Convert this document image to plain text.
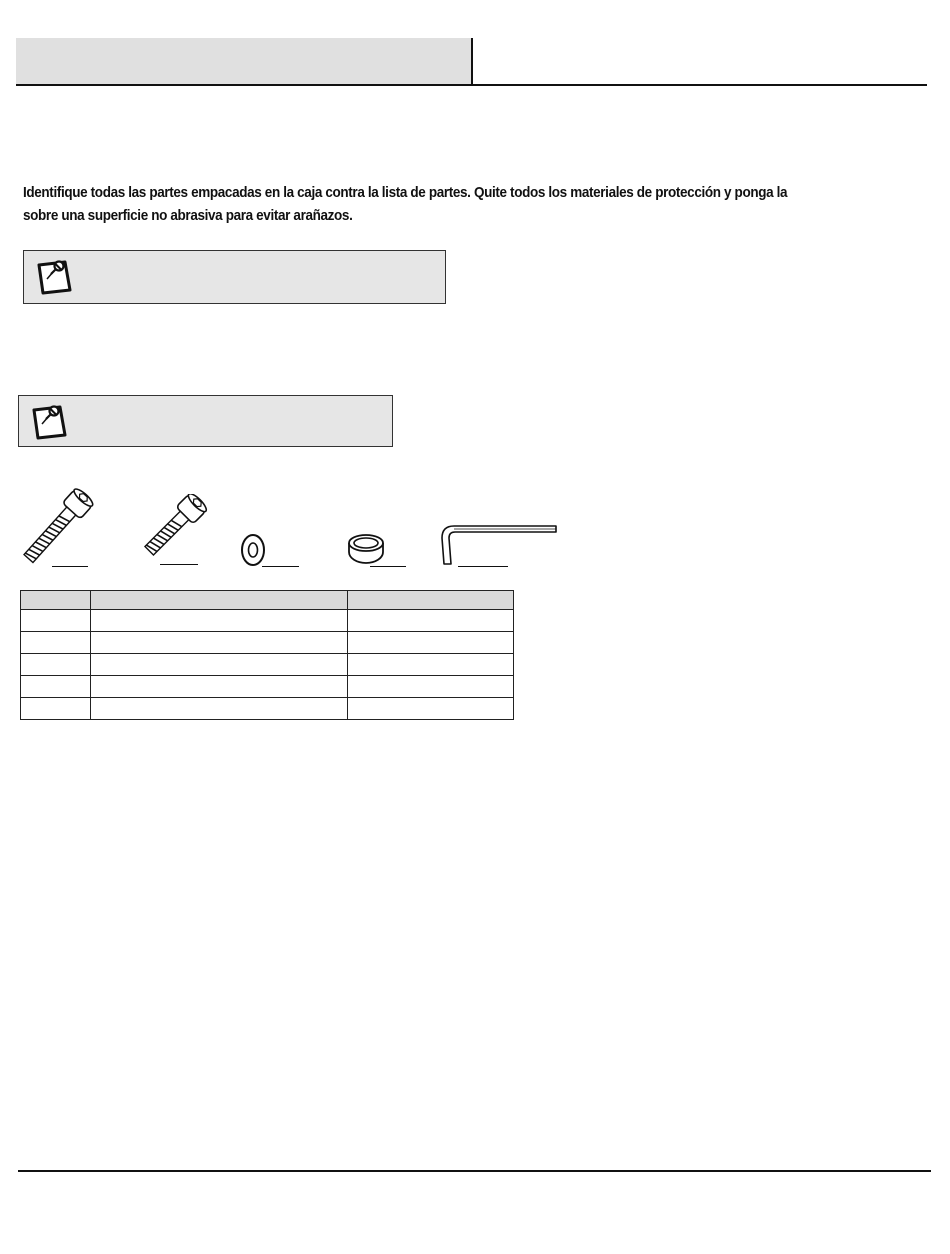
Identifique todas las partes empacadas en la caja contra la lista de partes. Quite todos los materiales de protección y ponga la
sobre una superficie no abrasiva para evitar arañazos.
